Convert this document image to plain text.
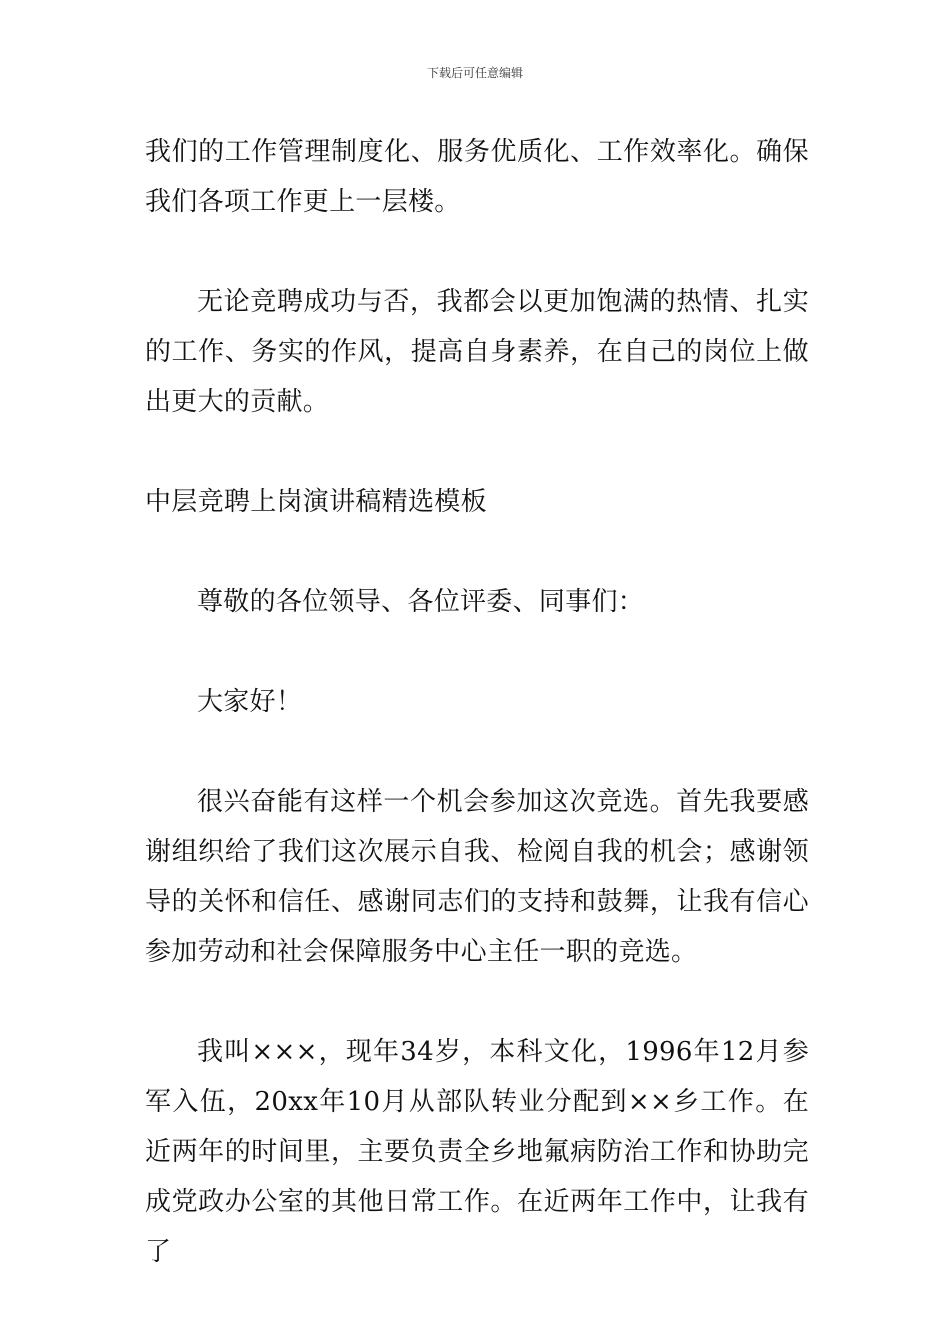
下载后可任意编辑

我们的工作管理制度化、服务优质化、工作效率化。确保我们各项工作更上一层楼。

无论竞聘成功与否，我都会以更加饱满的热情、扎实的工作、务实的作风，提高自身素养，在自己的岗位上做出更大的贡献。

中层竞聘上岗演讲稿精选模板

尊敬的各位领导、各位评委、同事们：

大家好！

很兴奋能有这样一个机会参加这次竞选。首先我要感谢组织给了我们这次展示自我、检阅自我的机会；感谢领导的关怀和信任、感谢同志们的支持和鼓舞，让我有信心参加劳动和社会保障服务中心主任一职的竞选。

我叫×××，现年34岁，本科文化，1996年12月参军入伍，20xx年10月从部队转业分配到××乡工作。在近两年的时间里，主要负责全乡地氟病防治工作和协助完成党政办公室的其他日常工作。在近两年工作中，让我有了
